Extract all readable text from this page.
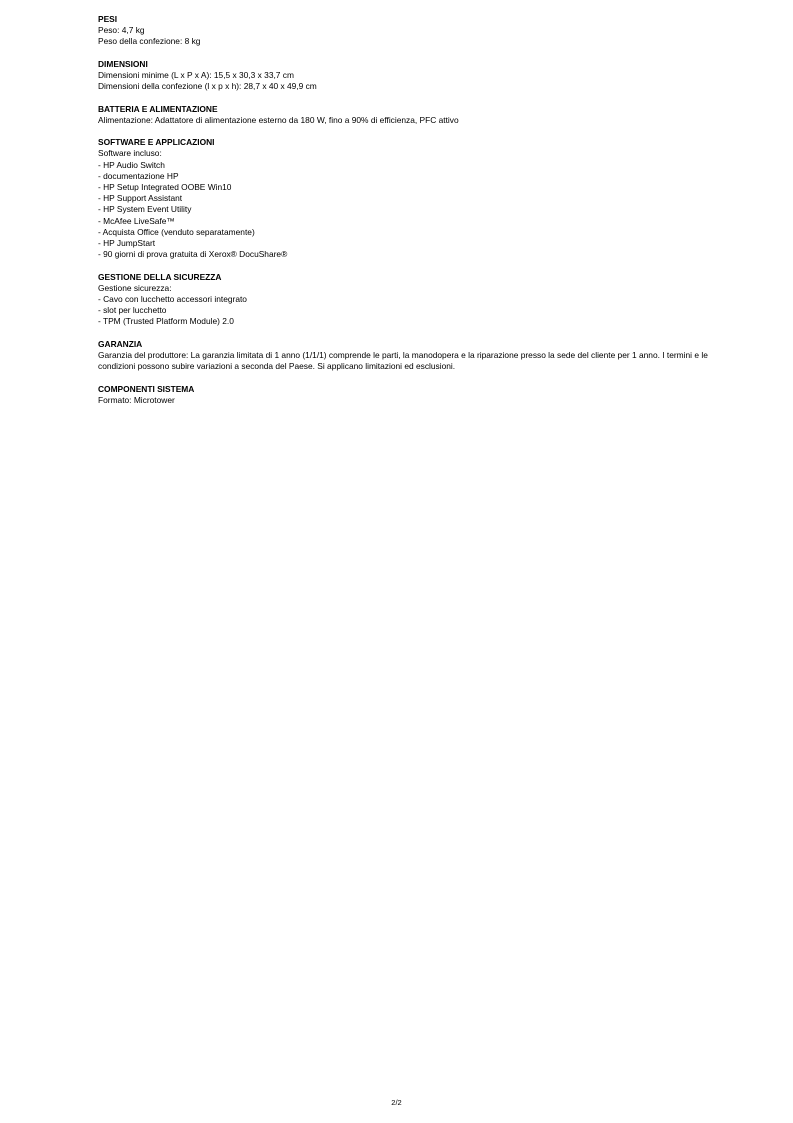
PESI
Peso: 4,7 kg
Peso della confezione: 8 kg
DIMENSIONI
Dimensioni minime (L x P x A): 15,5 x 30,3 x 33,7 cm
Dimensioni della confezione (l x p x h): 28,7 x 40 x 49,9 cm
BATTERIA E ALIMENTAZIONE
Alimentazione: Adattatore di alimentazione esterno da 180 W, fino a 90% di efficienza, PFC attivo
SOFTWARE E APPLICAZIONI
Software incluso:
- HP Audio Switch
- documentazione HP
- HP Setup Integrated OOBE Win10
- HP Support Assistant
- HP System Event Utility
- McAfee LiveSafe™
- Acquista Office (venduto separatamente)
- HP JumpStart
- 90 giorni di prova gratuita di Xerox® DocuShare®
GESTIONE DELLA SICUREZZA
Gestione sicurezza:
- Cavo con lucchetto accessori integrato
- slot per lucchetto
- TPM (Trusted Platform Module) 2.0
GARANZIA
Garanzia del produttore: La garanzia limitata di 1 anno (1/1/1) comprende le parti, la manodopera e la riparazione presso la sede del cliente per 1 anno. I termini e le condizioni possono subire variazioni a seconda del Paese. Si applicano limitazioni ed esclusioni.
COMPONENTI SISTEMA
Formato: Microtower
2/2
